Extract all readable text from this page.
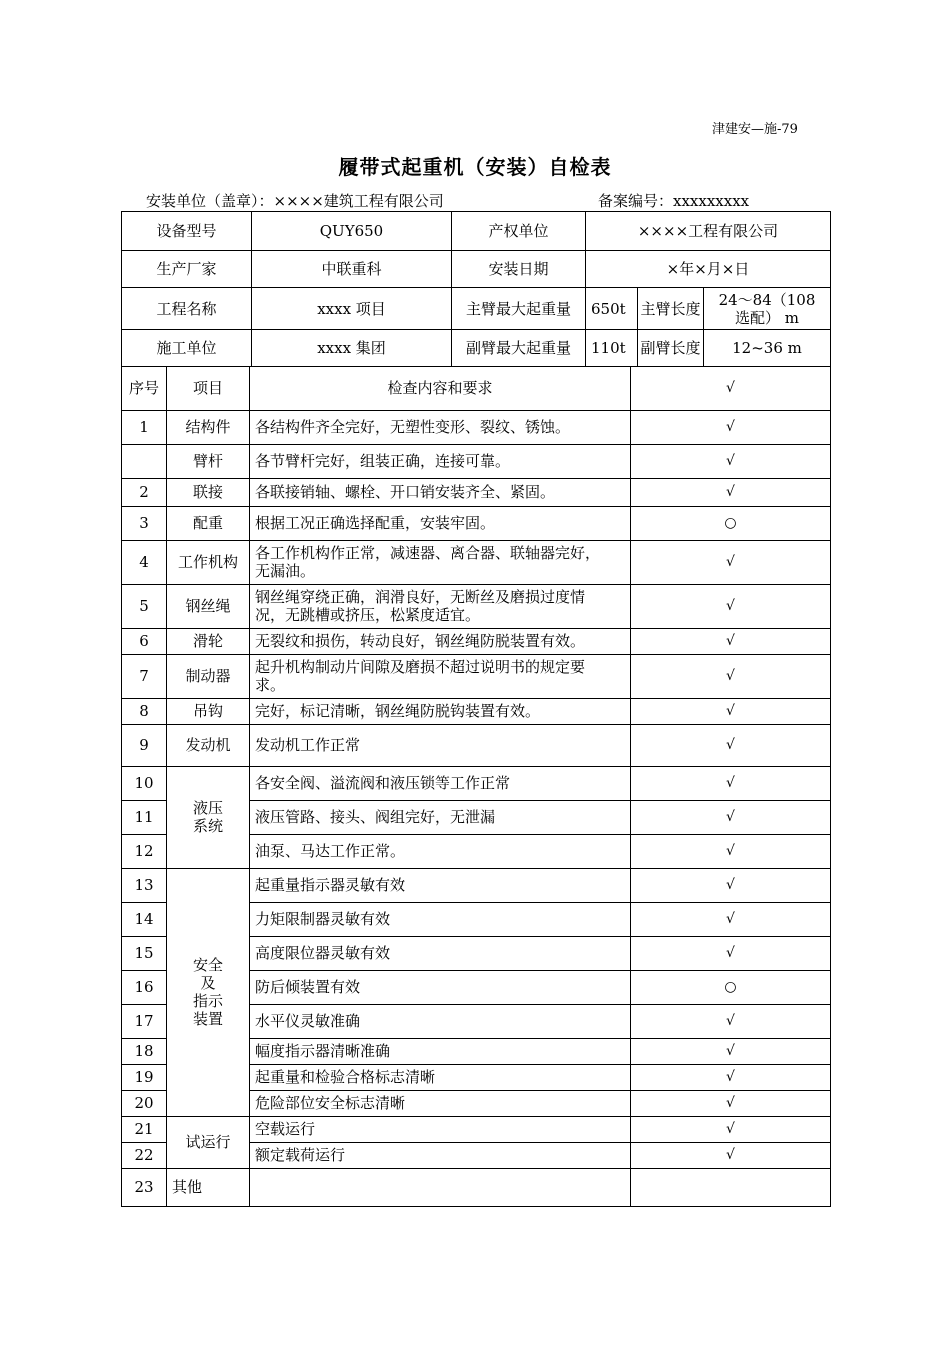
津建安—施-79
履带式起重机（安装）自检表
安装单位（盖章）：××××建筑工程有限公司	备案编号：xxxxxxxxx
设备型号	QUY650	产权单位	××××工程有限公司		
生产厂家	中联重科	安装日期	×年×月×日		
工程名称	xxxx 项目	主臂最大起重量	650t	主臂长度	24～84（108
选配） m

施工单位	xxxx 集团	副臂最大起重量	110t	副臂长度	12~36 m
序号	项目	检查内容和要求	√
1	结构件	各结构件齐全完好，无塑性变形、裂纹、锈蚀。	√
	臂杆	各节臂杆完好，组装正确，连接可靠。	√
2	联接	各联接销轴、螺栓、开口销安装齐全、紧固。	√
3	配重	根据工况正确选择配重，安装牢固。	○
4	工作机构	各工作机构作正常，减速器、离合器、联轴器完好，
无漏油。	√
5	钢丝绳	钢丝绳穿绕正确，润滑良好，无断丝及磨损过度情
况，无跳槽或挤压，松紧度适宜。	√
6	滑轮	无裂纹和损伤，转动良好，钢丝绳防脱装置有效。	√
7	制动器	起升机构制动片间隙及磨损不超过说明书的规定要
求。	√
8	吊钩	完好，标记清晰，钢丝绳防脱钩装置有效。	√
9	发动机	发动机工作正常	√
10	液压
系统	各安全阀、溢流阀和液压锁等工作正常	√
11		液压管路、接头、阀组完好，无泄漏	√
12		油泵、马达工作正常。	√
13	安全
及
指示
装置	起重量指示器灵敏有效	√
14		力矩限制器灵敏有效	√
15		高度限位器灵敏有效	√
16		防后倾装置有效	○
17		水平仪灵敏准确	√
18		幅度指示器清晰准确	√
19		起重量和检验合格标志清晰	√
20		危险部位安全标志清晰	√
21	试运行	空载运行	√
22		额定载荷运行	√
23	其他		
